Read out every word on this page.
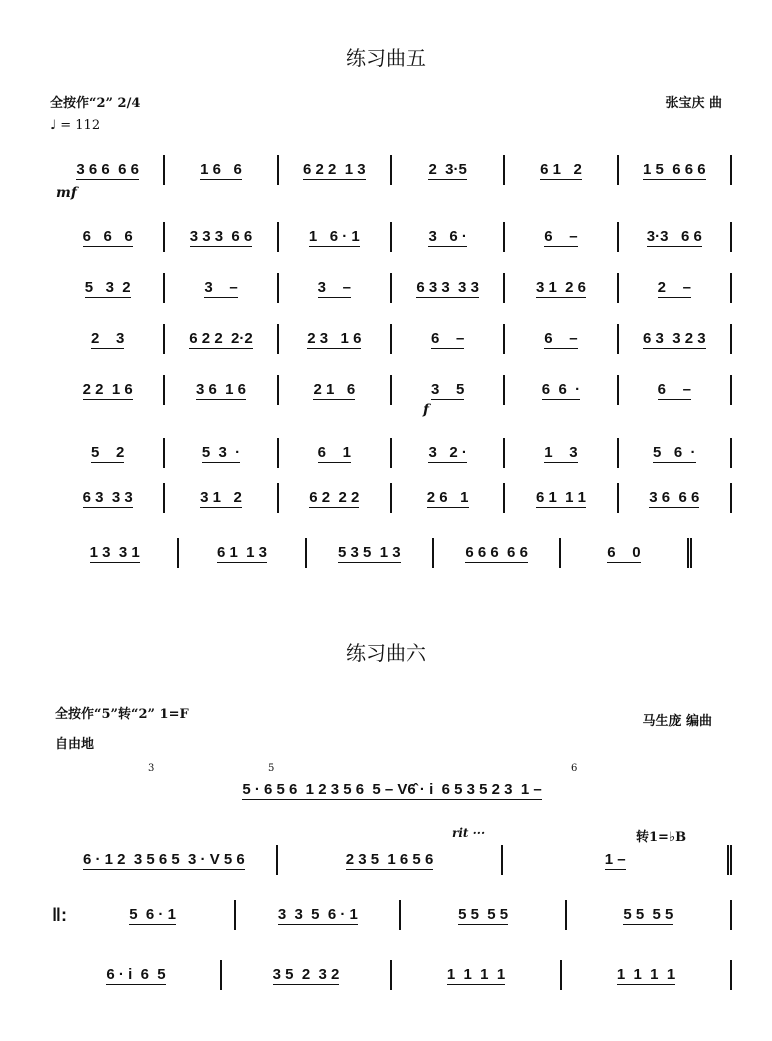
练习曲五
全按作“2” 2/4
♩ = 112
张宝庆 曲
mf
f
3 6 6  6 6	1 6   6	6 2 2  1 3	2  3·5	6 1   2	1 5  6 6 6
6   6   6	3 3 3  6 6	1   6 · 1	3   6 ·	6    –	3·3   6 6
5   3  2	3    –	3    –	6 3 3  3 3	3 1  2 6	2    –
2    3	6 2 2  2·2	2 3   1 6	6    –	6    –	6 3  3 2 3
2 2  1 6	3 6  1 6	2 1   6	3    5	6  6  ·	6    –
5    2	5  3  ·	6    1	3   2 ·	1    3	5   6  ·
6 3  3 3	3 1   2	6 2  2 2	2 6   1	6 1  1 1	3 6  6 6
1 3  3 1	6 1  1 3	5 3 5  1 3	6 6 6  6 6	6    0
练习曲六
全按作“5”转“2” 1=F
自由地
马生庞 编曲
rit ···	转1=♭B
3	5	6
5 · 6 5 6  1 2 3 5 6  5 – V6̂ · i  6 5 3 5 2 3  1 –
6 · 1 2  3 5 6 5  3 · V 5 6	2 3 5  1 6 5 6	1 –
‖:	5  6 · 1	3  3  5  6 · 1	5 5  5 5	5 5  5 5
6 · i  6  5	3 5  2  3 2	1  1  1  1	1  1  1  1
